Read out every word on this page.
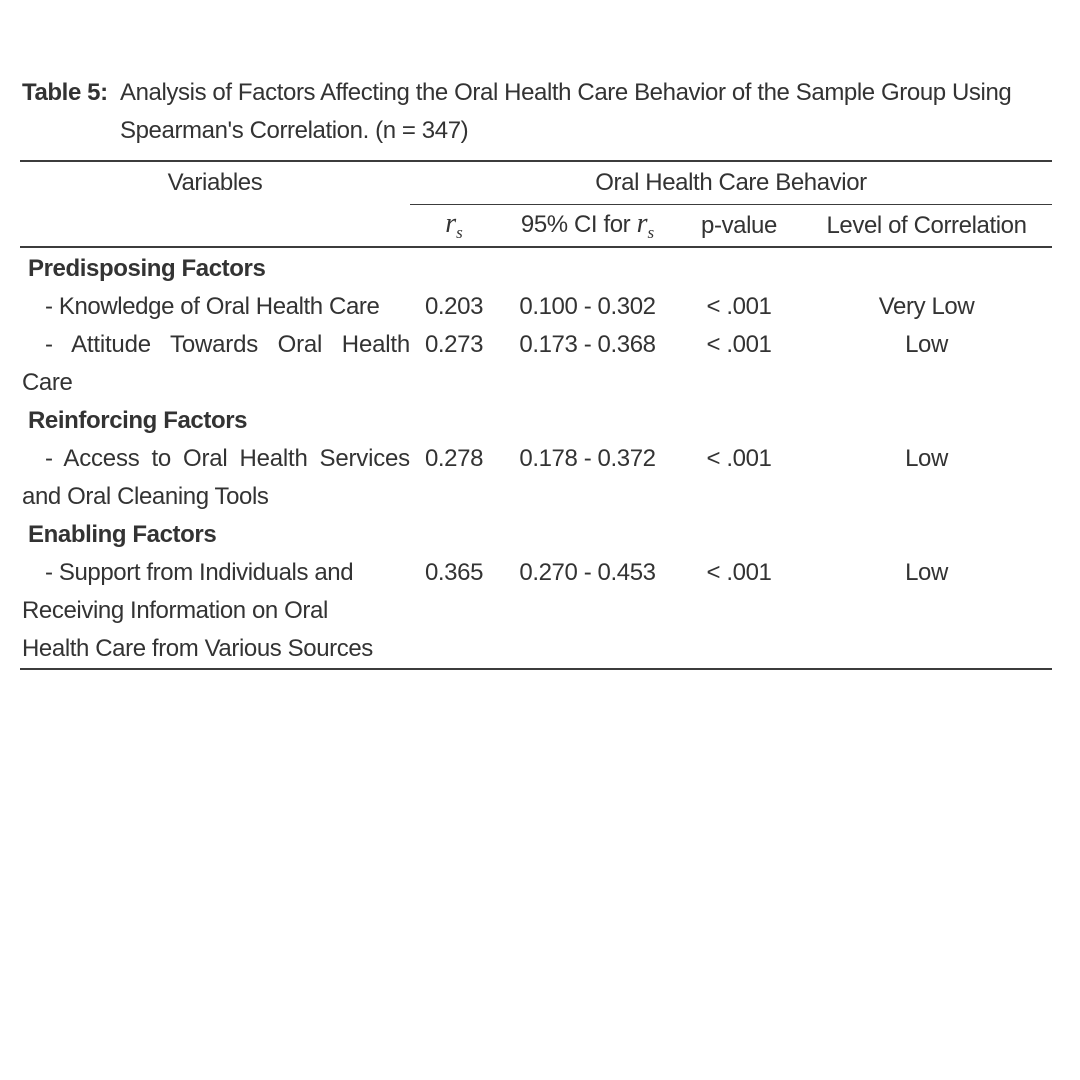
Table 5: Analysis of Factors Affecting the Oral Health Care Behavior of the Sample Group Using
Spearman's Correlation. (n = 347)
Variables	Oral Health Care Behavior			
	$r_s$	95% CI for $r_s$	p-value	Level of Correlation
Predisposing Factors				

- Knowledge of Oral Health Care	0.203	0.100 - 0.302	< .001	Very Low

- Attitude Towards Oral Health
Care	0.273	0.173 - 0.368	< .001	Low
Reinforcing Factors				

- Access to Oral Health Services
and Oral Cleaning Tools	0.278	0.178 - 0.372	< .001	Low
Enabling Factors				

- Support from Individuals and
Receiving Information on Oral
Health Care from Various Sources	0.365	0.270 - 0.453	< .001	Low
